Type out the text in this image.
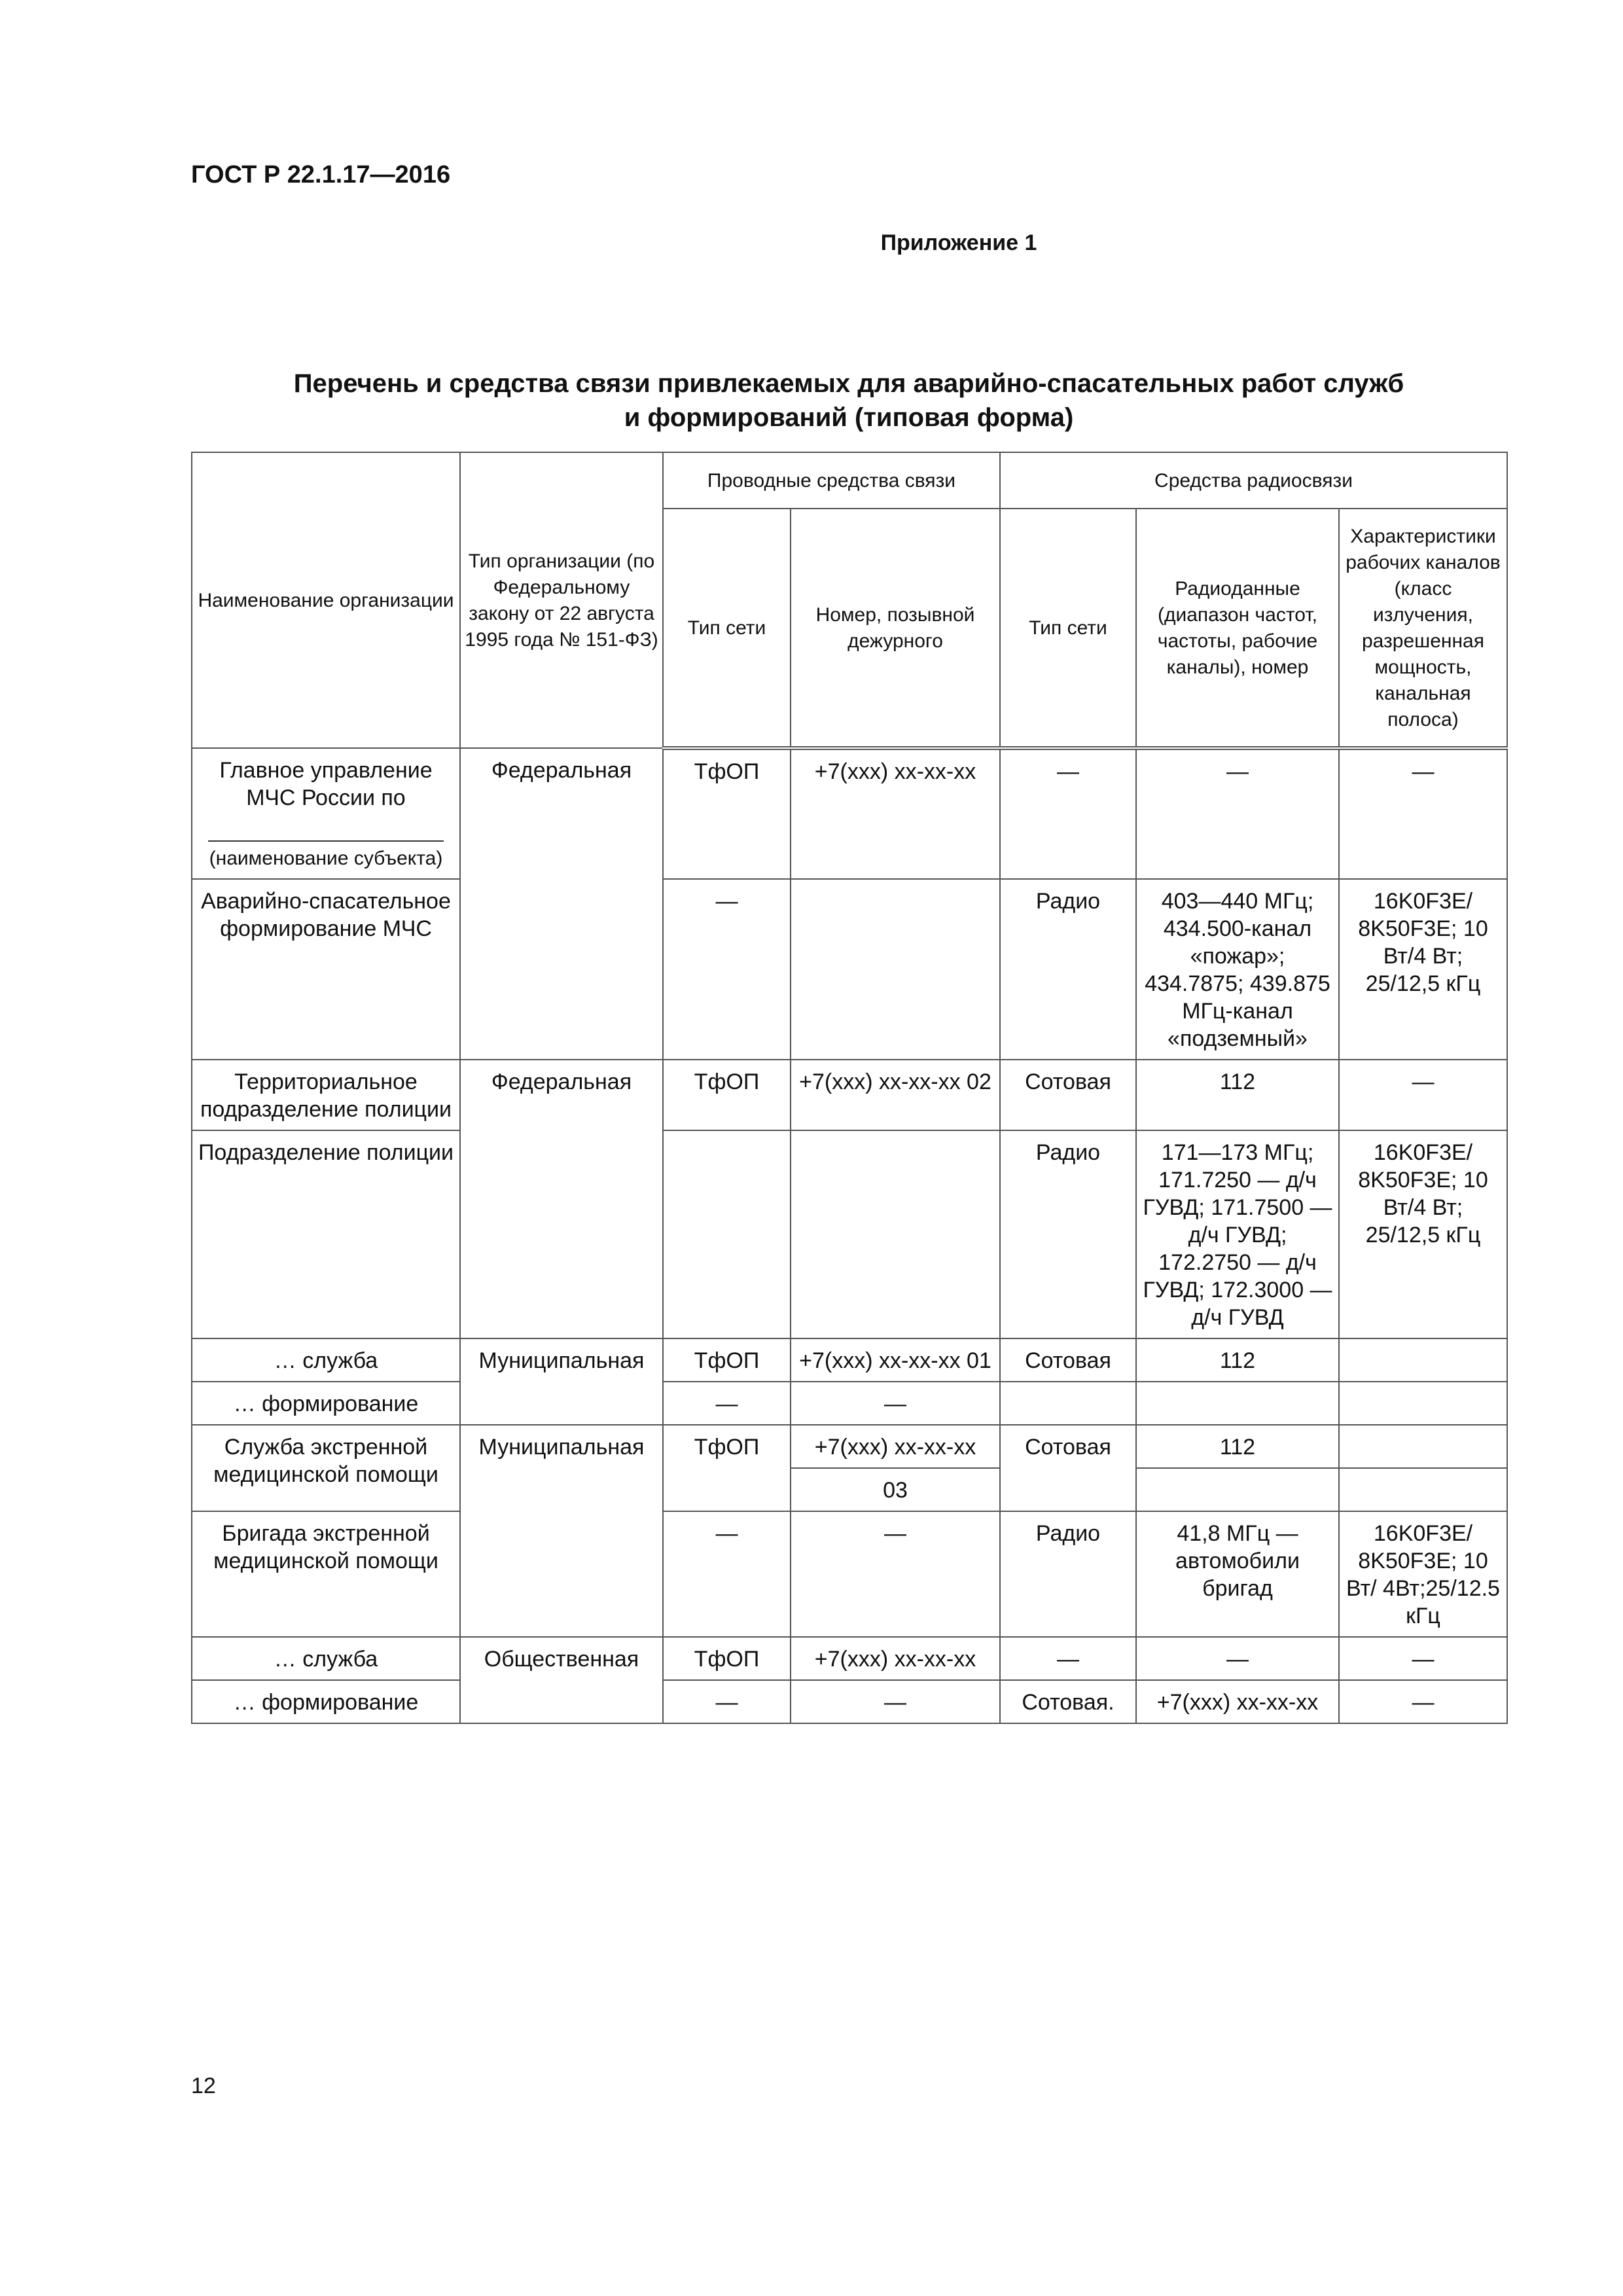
ГОСТ Р 22.1.17—2016
Приложение 1
Перечень и средства связи привлекаемых для аварийно-спасательных работ служб
и формирований (типовая форма)
Наименование организации	Тип организации (по Федеральному закону от 22 августа 1995 года № 151-ФЗ)	Проводные средства связи		Средства радиосвязи		
		Тип сети	Номер, позывной дежурного	Тип сети	Радиоданные (диапазон частот, частоты, рабочие каналы), номер	Характеристики рабочих каналов (класс излучения, разрешенная мощность, канальная полоса)

Главное управление МЧС России по
(наименование субъекта)	Федеральная	ТфОП	+7(ххх) хх-хх-хх	—	—	—
Аварийно-спасательное формирование МЧС		—		Радио	403—440 МГц; 434.500-канал «пожар»; 434.7875; 439.875 МГц-канал «подземный»	16K0F3E/ 8K50F3E; 10 Вт/4 Вт; 25/12,5 кГц
Территориальное подразделение полиции	Федеральная	ТфОП	+7(ххх) хх-хх-хх 02	Сотовая	112	—
Подразделение полиции				Радио	171—173 МГц; 171.7250 — д/ч ГУВД; 171.7500 — д/ч ГУВД; 172.2750 — д/ч ГУВД; 172.3000 — д/ч ГУВД	16K0F3E/ 8K50F3E; 10 Вт/4 Вт; 25/12,5 кГц
… служба	Муниципальная	ТфОП	+7(ххх) хх-хх-хх 01	Сотовая	112	
… формирование		—	—			
Служба экстренной медицинской помощи	Муниципальная	ТфОП	+7(ххх) хх-хх-хх	Сотовая	112	
			03			
Бригада экстренной медицинской помощи		—	—	Радио	41,8 МГц — автомобили бригад	16K0F3E/ 8K50F3E; 10 Вт/ 4Вт;25/12.5 кГц
… служба	Общественная	ТфОП	+7(ххх) хх-хх-хх	—	—	—
… формирование		—	—	Сотовая.	+7(ххх) хх-хх-хх	—
12
